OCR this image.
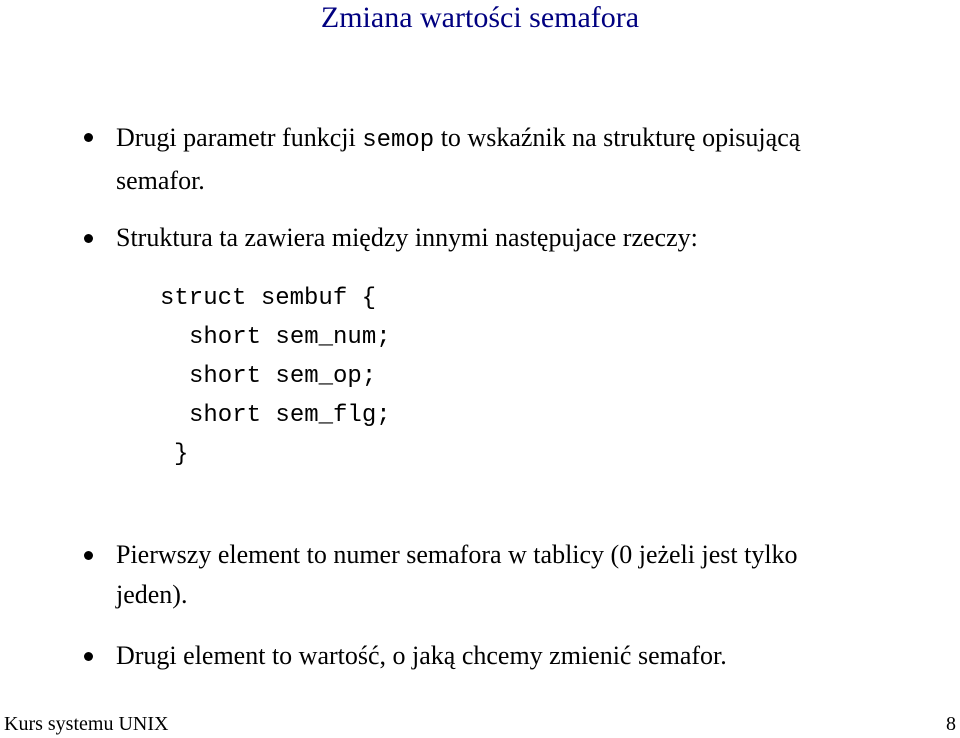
Zmiana wartości semafora
Drugi parametr funkcji semop to wskaźnik na strukturę opisującą
semafor.
Struktura ta zawiera między innymi następujace rzeczy:
struct sembuf {
short sem_num;
short sem_op;
short sem_flg;
}
Pierwszy element to numer semafora w tablicy (0 jeżeli jest tylko
jeden).
Drugi element to wartość, o jaką chcemy zmienić semafor.
Kurs systemu UNIX	8
